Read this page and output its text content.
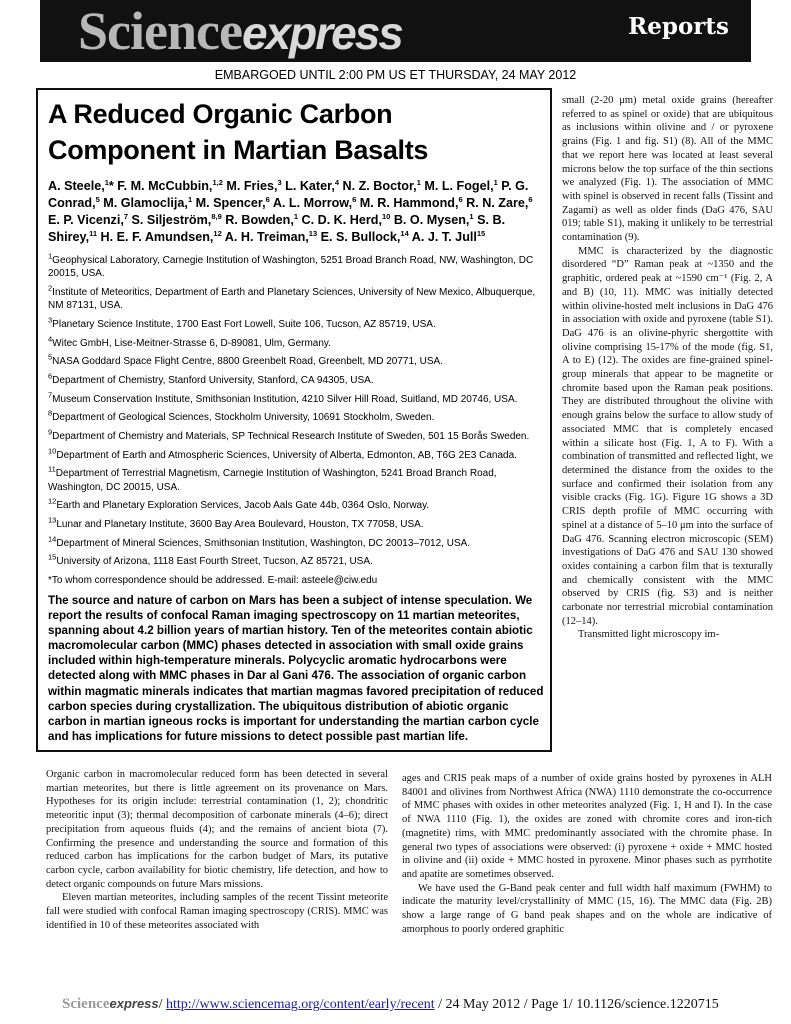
Scienceexpress	Reports
EMBARGOED UNTIL 2:00 PM US ET THURSDAY, 24 MAY 2012
A Reduced Organic Carbon
Component in Martian Basalts
A. Steele,$^1$* F. M. McCubbin,$^{1,2}$ M. Fries,$^3$ L. Kater,$^4$ N. Z. Boctor,$^1$ M. L. Fogel,$^1$ P. G. Conrad,$^5$ M. Glamoclija,$^1$ M. Spencer,$^6$ A. L. Morrow,$^6$ M. R. Hammond,$^6$ R. N. Zare,$^6$ E. P. Vicenzi,$^7$ S. Siljeström,$^{8,9}$ R. Bowden,$^1$ C. D. K. Herd,$^{10}$ B. O. Mysen,$^1$ S. B. Shirey,$^{11}$ H. E. F. Amundsen,$^{12}$ A. H. Treiman,$^{13}$ E. S. Bullock,$^{14}$ A. J. T. Jull$^{15}$
$^1$Geophysical Laboratory, Carnegie Institution of Washington, 5251 Broad Branch Road, NW, Washington, DC 20015, USA.
$^2$Institute of Meteoritics, Department of Earth and Planetary Sciences, University of New Mexico, Albuquerque, NM 87131, USA.
$^3$Planetary Science Institute, 1700 East Fort Lowell, Suite 106, Tucson, AZ 85719, USA.
$^4$Witec GmbH, Lise-Meitner-Strasse 6, D-89081, Ulm, Germany.
$^5$NASA Goddard Space Flight Centre, 8800 Greenbelt Road, Greenbelt, MD 20771, USA.
$^6$Department of Chemistry, Stanford University, Stanford, CA 94305, USA.
$^7$Museum Conservation Institute, Smithsonian Institution, 4210 Silver Hill Road, Suitland, MD 20746, USA.
$^8$Department of Geological Sciences, Stockholm University, 10691 Stockholm, Sweden.
$^9$Department of Chemistry and Materials, SP Technical Research Institute of Sweden, 501 15 Borås Sweden.
$^{10}$Department of Earth and Atmospheric Sciences, University of Alberta, Edmonton, AB, T6G 2E3 Canada.
$^{11}$Department of Terrestrial Magnetism, Carnegie Institution of Washington, 5241 Broad Branch Road, Washington, DC 20015, USA.
$^{12}$Earth and Planetary Exploration Services, Jacob Aals Gate 44b, 0364 Oslo, Norway.
$^{13}$Lunar and Planetary Institute, 3600 Bay Area Boulevard, Houston, TX 77058, USA.
$^{14}$Department of Mineral Sciences, Smithsonian Institution, Washington, DC 20013–7012, USA.
$^{15}$University of Arizona, 1118 East Fourth Street, Tucson, AZ 85721, USA.
*To whom correspondence should be addressed. E-mail: asteele@ciw.edu
The source and nature of carbon on Mars has been a subject of intense speculation. We report the results of confocal Raman imaging spectroscopy on 11 martian meteorites, spanning about 4.2 billion years of martian history. Ten of the meteorites contain abiotic macromolecular carbon (MMC) phases detected in association with small oxide grains included within high-temperature minerals. Polycyclic aromatic hydrocarbons were detected along with MMC phases in Dar al Gani 476. The association of organic carbon within magmatic minerals indicates that martian magmas favored precipitation of reduced carbon species during crystallization. The ubiquitous distribution of abiotic organic carbon in martian igneous rocks is important for understanding the martian carbon cycle and has implications for future missions to detect possible past martian life.

small (2-20 μm) metal oxide grains (hereafter referred to as spinel or oxide) that are ubiquitous as inclusions within olivine and / or pyroxene grains (Fig. 1 and fig. S1) (8). All of the MMC that we report here was located at least several microns below the top surface of the thin sections we analyzed (Fig. 1). The association of MMC with spinel is observed in recent falls (Tissint and Zagami) as well as older finds (DaG 476, SAU 019; table S1), making it unlikely to be terrestrial contamination (9).

MMC is characterized by the diagnostic disordered “D” Raman peak at ~1350 and the graphitic, ordered peak at ~1590 cm⁻¹ (Fig. 2, A and B) (10, 11). MMC was initially detected within olivine-hosted melt inclusions in DaG 476 in association with oxide and pyroxene (table S1). DaG 476 is an olivine-phyric shergottite with olivine comprising 15-17% of the mode (fig. S1, A to E) (12). The oxides are fine-grained spinel-group minerals that appear to be magnetite or chromite based upon the Raman peak positions. They are distributed throughout the olivine with enough grains below the surface to allow study of associated MMC that is completely encased within a silicate host (Fig. 1, A to F). With a combination of transmitted and reflected light, we determined the distance from the oxides to the surface and confirmed their isolation from any visible cracks (Fig. 1G). Figure 1G shows a 3D CRIS depth profile of MMC occurring with spinel at a distance of 5–10 μm into the surface of DaG 476. Scanning electron microscopic (SEM) investigations of DaG 476 and SAU 130 showed oxides containing a carbon film that is texturally and chemically consistent with the MMC observed by CRIS (fig. S3) and is neither carbonate nor terrestrial microbial contamination (12–14).

Transmitted light microscopy im-

Organic carbon in macromolecular reduced form has been detected in several martian meteorites, but there is little agreement on its provenance on Mars. Hypotheses for its origin include: terrestrial contamination (1, 2); chondritic meteoritic input (3); thermal decomposition of carbonate minerals (4–6); direct precipitation from aqueous fluids (4); and the remains of ancient biota (7). Confirming the presence and understanding the source and formation of this reduced carbon has implications for the carbon budget of Mars, its putative carbon cycle, carbon availability for biotic chemistry, life detection, and how to detect organic compounds on future Mars missions.

Eleven martian meteorites, including samples of the recent Tissint meteorite fall were studied with confocal Raman imaging spectroscopy (CRIS). MMC was identified in 10 of these meteorites associated with

ages and CRIS peak maps of a number of oxide grains hosted by pyroxenes in ALH 84001 and olivines from Northwest Africa (NWA) 1110 demonstrate the co-occurrence of MMC phases with oxides in other meteorites analyzed (Fig. 1, H and I). In the case of NWA 1110 (Fig. 1), the oxides are zoned with chromite cores and iron-rich (magnetite) rims, with MMC predominantly associated with the chromite phase. In general two types of associations were observed: (i) pyroxene + oxide + MMC hosted in olivine and (ii) oxide + MMC hosted in pyroxene. Minor phases such as pyrrhotite and apatite are sometimes observed.

We have used the G-Band peak center and full width half maximum (FWHM) to indicate the maturity level/crystallinity of MMC (15, 16). The MMC data (Fig. 2B) show a large range of G band peak shapes and on the whole are indicative of amorphous to poorly ordered graphitic

Scienceexpress/ http://www.sciencemag.org/content/early/recent / 24 May 2012 / Page 1/ 10.1126/science.1220715
